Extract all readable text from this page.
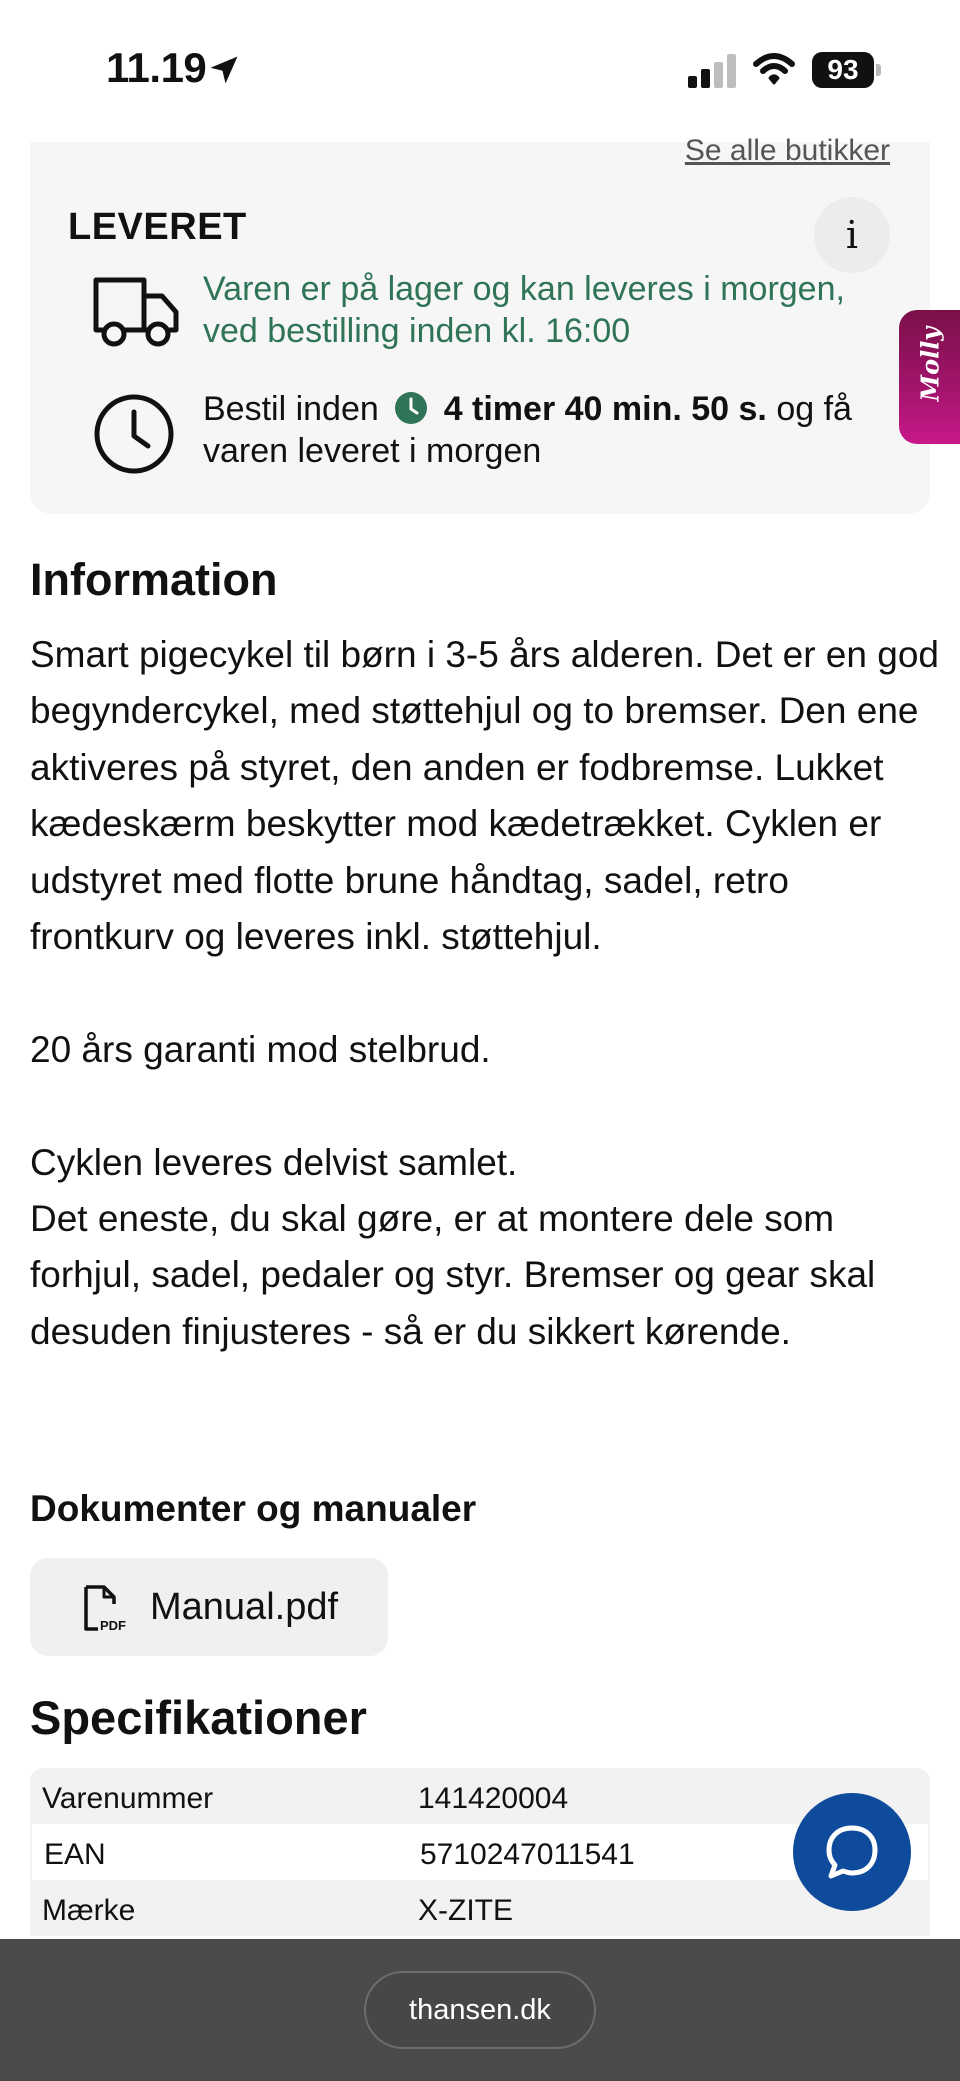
11.19	93
Se alle butikker
LEVERET	i
Varen er på lager og kan leveres i morgen, ved bestilling inden kl. 16:00
Bestil inden 4 timer 40 min. 50 s. og få varen leveret i morgen
Molly
Information

Smart pigecykel til børn i 3-5 års alderen. Det er en god begyndercykel, med støttehjul og to bremser. Den ene aktiveres på styret, den anden er fodbremse. Lukket kædeskærm beskytter mod kædetrækket. Cyklen er udstyret med flotte brune håndtag, sadel, retro frontkurv og leveres inkl. støttehjul.

20 års garanti mod stelbrud.

Cyklen leveres delvist samlet.

Det eneste, du skal gøre, er at montere dele som forhjul, sadel, pedaler og styr. Bremser og gear skal desuden finjusteres - så er du sikkert kørende.

Dokumenter og manualer
PDF Manual.pdf
Specifikationer
Varenummer	141420004
EAN	5710247011541
Mærke	X-ZITE
thansen.dk
